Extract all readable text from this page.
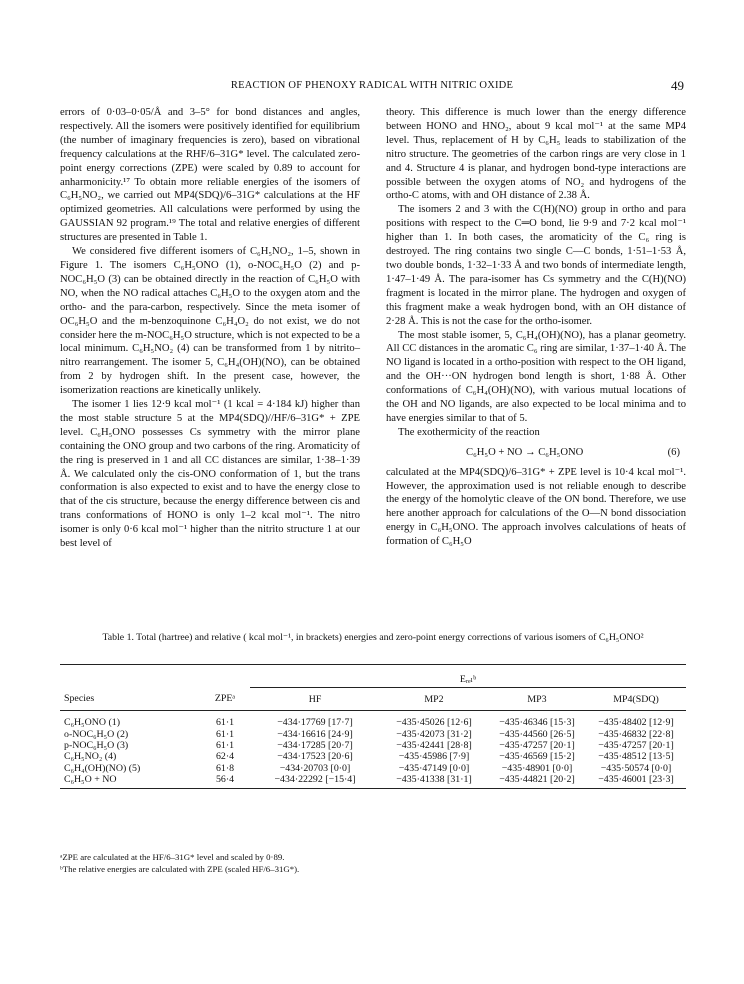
REACTION OF PHENOXY RADICAL WITH NITRIC OXIDE	49

errors of 0·03–0·05/Å and 3–5° for bond distances and angles, respectively. All the isomers were positively identified for equilibrium (the number of imaginary frequencies is zero), based on vibrational frequency calculations at the RHF/6–31G* level. The calculated zero-point energy corrections (ZPE) were scaled by 0.89 to account for anharmonicity.¹⁷ To obtain more reliable energies of the isomers of C₆H₅NO₂, we carried out MP4(SDQ)/6–31G* calculations at the HF optimized geometries. All calculations were performed by using the GAUSSIAN 92 program.¹⁹ The total and relative energies of different structures are presented in Table 1.

We considered five different isomers of C₆H₅NO₂, 1–5, shown in Figure 1. The isomers C₆H₅ONO (1), o-NOC₆H₅O (2) and p-NOC₆H₅O (3) can be obtained directly in the reaction of C₆H₅O with NO, when the NO radical attaches C₆H₅O to the oxygen atom and the ortho- and the para-carbon, respectively. Since the meta isomer of OC₆H₅O and the m-benzoquinone C₆H₄O₂ do not exist, we do not consider here the m-NOC₆H₅O structure, which is not expected to be a local minimum. C₆H₅NO₂ (4) can be transformed from 1 by nitrito–nitro rearrangement. The isomer 5, C₆H₄(OH)(NO), can be obtained from 2 by hydrogen shift. In the present case, however, the isomerization reactions are kinetically unlikely.

The isomer 1 lies 12·9 kcal mol⁻¹ (1 kcal = 4·184 kJ) higher than the most stable structure 5 at the MP4(SDQ)//HF/6–31G* + ZPE level. C₆H₅ONO possesses Cs symmetry with the mirror plane containing the ONO group and two carbons of the ring. Aromaticity of the ring is preserved in 1 and all CC distances are similar, 1·38–1·39 Å. We calculated only the cis-ONO conformation of 1, but the trans conformation is also expected to exist and to have the energy close to that of the cis structure, because the energy difference between cis and trans conformations of HONO is only 1–2 kcal mol⁻¹. The nitro isomer is only 0·6 kcal mol⁻¹ higher than the nitrito structure 1 at our best level of

theory. This difference is much lower than the energy difference between HONO and HNO₂, about 9 kcal mol⁻¹ at the same MP4 level. Thus, replacement of H by C₆H₅ leads to stabilization of the nitro structure. The geometries of the carbon rings are very close in 1 and 4. Structure 4 is planar, and hydrogen bond-type interactions are possible between the oxygen atoms of NO₂ and hydrogens of the ortho-C atoms, with and OH distance of 2.38 Å.

The isomers 2 and 3 with the C(H)(NO) group in ortho and para positions with respect to the C═O bond, lie 9·9 and 7·2 kcal mol⁻¹ higher than 1. In both cases, the aromaticity of the C₆ ring is destroyed. The ring contains two single C—C bonds, 1·51–1·53 Å, two double bonds, 1·32–1·33 Å and two bonds of intermediate length, 1·47–1·49 Å. The para-isomer has Cs symmetry and the C(H)(NO) fragment is located in the mirror plane. The hydrogen and oxygen of this fragment make a weak hydrogen bond, with an OH distance of 2·28 Å. This is not the case for the ortho-isomer.

The most stable isomer, 5, C₆H₄(OH)(NO), has a planar geometry. All CC distances in the aromatic C₆ ring are similar, 1·37–1·40 Å. The NO ligand is located in a ortho-position with respect to the OH ligand, and the OH···ON hydrogen bond length is short, 1·88 Å. Other conformations of C₆H₄(OH)(NO), with various mutual locations of the OH and NO ligands, are also expected to be local minima and to have energies similar to that of 5.

The exothermicity of the reaction

C₆H₅O + NO → C₆H₅ONO	(6)

calculated at the MP4(SDQ)/6–31G* + ZPE level is 10·4 kcal mol⁻¹. However, the approximation used is not reliable enough to describe the energy of the homolytic cleave of the ON bond. Therefore, we use here another approach for calculations of the O—N bond dissociation energy in C₆H₅ONO. The approach involves calculations of heats of formation of C₆H₅O

Table 1. Total (hartree) and relative ( kcal mol⁻¹, in brackets) energies and zero-point energy corrections of various isomers of C₆H₅ONO²

		Eᵣₑₗᵇ			
Species	ZPEᵃ	HF	MP2	MP3	MP4(SDQ)
C₆H₅ONO (1)	61·1	−434·17769 [17·7]	−435·45026 [12·6]	−435·46346 [15·3]	−435·48402 [12·9]
o-NOC₆H₅O (2)	61·1	−434·16616 [24·9]	−435·42073 [31·2]	−435·44560 [26·5]	−435·46832 [22·8]
p-NOC₆H₅O (3)	61·1	−434·17285 [20·7]	−435·42441 [28·8]	−435·47257 [20·1]	−435·47257 [20·1]
C₆H₅NO₂ (4)	62·4	−434·17523 [20·6]	−435·45986 [7·9]	−435·46569 [15·2]	−435·48512 [13·5]
C₆H₄(OH)(NO) (5)	61·8	−434·20703 [0·0]	−435·47149 [0·0]	−435·48901 [0·0]	−435·50574 [0·0]
C₆H₅O + NO	56·4	−434·22292 [−15·4]	−435·41338 [31·1]	−435·44821 [20·2]	−435·46001 [23·3]
ᵃZPE are calculated at the HF/6–31G* level and scaled by 0·89.
ᵇThe relative energies are calculated with ZPE (scaled HF/6–31G*).
